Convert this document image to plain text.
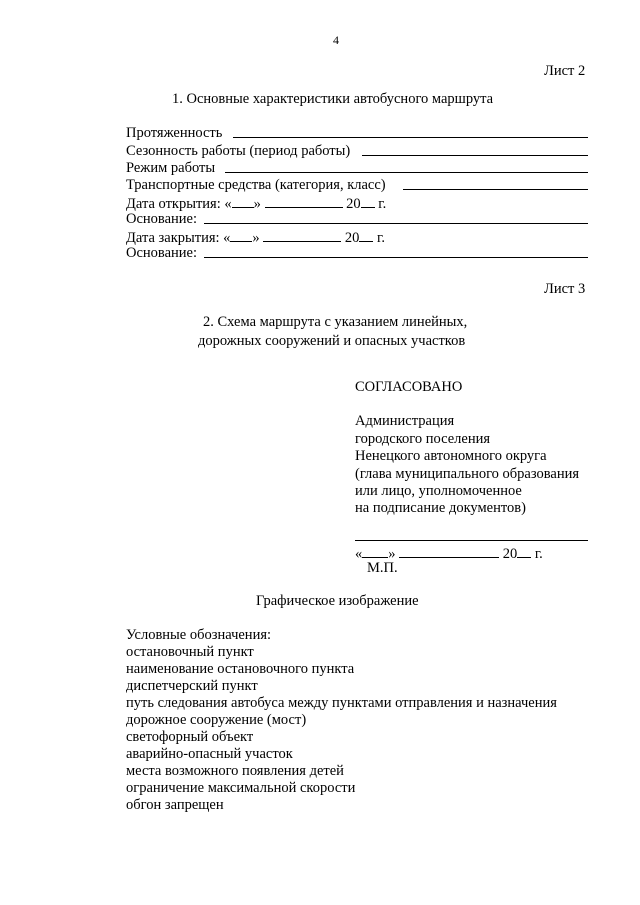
4
Лист 2
1. Основные характеристики автобусного маршрута
Протяженность
Сезонность работы (период работы)
Режим работы
Транспортные средства (категория, класс)
Дата открытия: « »	20 г.
Основание:
Дата закрытия: « »	20 г.
Основание:
Лист 3
2. Схема маршрута с указанием линейных,
дорожных сооружений и опасных участков
СОГЛАСОВАНО
Администрация
городского поселения
Ненецкого автономного округа
(глава муниципального образования
или лицо, уполномоченное
на подписание документов)
« »	20 г.
М.П.
Графическое изображение
Условные обозначения:
остановочный пункт
наименование остановочного пункта
диспетчерский пункт
путь следования автобуса между пунктами отправления и назначения
дорожное сооружение (мост)
светофорный объект
аварийно-опасный участок
места возможного появления детей
ограничение максимальной скорости
обгон запрещен
